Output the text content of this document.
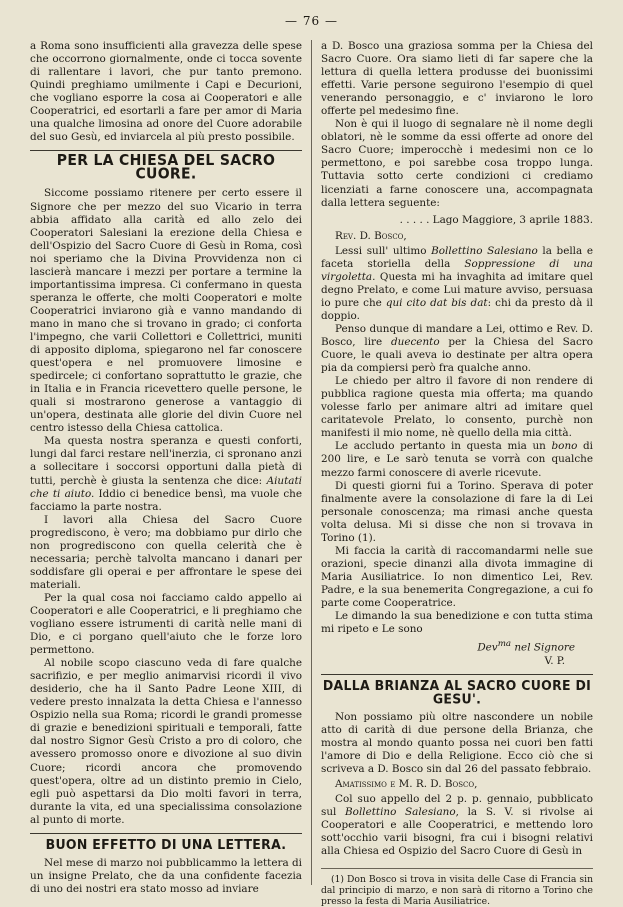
— 76 —

a Roma sono insufficienti alla gravezza delle spese che occorrono giornalmente, onde ci tocca sovente di rallentare i lavori, che pur tanto premono. Quindi preghiamo umilmente i Capi e Decurioni, che vogliano esporre la cosa ai Cooperatori e alle Cooperatrici, ed esortarli a fare per amor di Maria una qualche limosina ad onore del Cuore adorabile del suo Gesù, ed inviarcela al più presto possibile.

PER LA CHIESA DEL SACRO CUORE.

Siccome possiamo ritenere per certo essere il Signore che per mezzo del suo Vicario in terra abbia affidato alla carità ed allo zelo dei Cooperatori Salesiani la erezione della Chiesa e dell'Ospizio del Sacro Cuore di Gesù in Roma, così noi speriamo che la Divina Provvidenza non ci lascierà mancare i mezzi per portare a termine la importantissima impresa. Ci confermano in questa speranza le offerte, che molti Cooperatori e molte Cooperatrici inviarono già e vanno mandando di mano in mano che si trovano in grado; ci conforta l'impegno, che varii Collettori e Collettrici, muniti di apposito diploma, spiegarono nel far conoscere quest'opera e nel promuovere limosine e spedircele; ci confortano soprattutto le grazie, che in Italia e in Francia ricevettero quelle persone, le quali si mostrarono generose a vantaggio di un'opera, destinata alle glorie del divin Cuore nel centro istesso della Chiesa cattolica.

Ma questa nostra speranza e questi conforti, lungi dal farci restare nell'inerzia, ci spronano anzi a sollecitare i soccorsi opportuni dalla pietà di tutti, perchè è giusta la sentenza che dice: Aiutati che ti aiuto. Iddio ci benedice bensì, ma vuole che facciamo la parte nostra.

I lavori alla Chiesa del Sacro Cuore progrediscono, è vero; ma dobbiamo pur dirlo che non progrediscono con quella celerità che è necessaria; perchè talvolta mancano i danari per soddisfare gli operai e per affrontare le spese dei materiali.

Per la qual cosa noi facciamo caldo appello ai Cooperatori e alle Cooperatrici, e li preghiamo che vogliano essere istrumenti di carità nelle mani di Dio, e ci porgano quell'aiuto che le forze loro permettono.

Al nobile scopo ciascuno veda di fare qualche sacrifizio, e per meglio animarvisi ricordi il vivo desiderio, che ha il Santo Padre Leone XIII, di vedere presto innalzata la detta Chiesa e l'annesso Ospizio nella sua Roma; ricordi le grandi promesse di grazie e benedizioni spirituali e temporali, fatte dal nostro Signor Gesù Cristo a pro di coloro, che avessero promosso onore e divozione al suo divin Cuore; ricordi ancora che promovendo quest'opera, oltre ad un distinto premio in Cielo, egli può aspettarsi da Dio molti favori in terra, durante la vita, ed una specialissima consolazione al punto di morte.

BUON EFFETTO DI UNA LETTERA.

Nel mese di marzo noi pubblicammo la lettera di un insigne Prelato, che da una confidente facezia di uno dei nostri era stato mosso ad inviare

a D. Bosco una graziosa somma per la Chiesa del Sacro Cuore. Ora siamo lieti di far sapere che la lettura di quella lettera produsse dei buonissimi effetti. Varie persone seguirono l'esempio di quel venerando personaggio, e c' inviarono le loro offerte pel medesimo fine.

Non è qui il luogo di segnalare nè il nome degli oblatori, nè le somme da essi offerte ad onore del Sacro Cuore; imperocchè i medesimi non ce lo permettono, e poi sarebbe cosa troppo lunga. Tuttavia sotto certe condizioni ci crediamo licenziati a farne conoscere una, accompagnata dalla lettera seguente:

. . . . . Lago Maggiore, 3 aprile 1883.
Rev. D. Bosco,

Lessi sull' ultimo Bollettino Salesiano la bella e faceta storiella della Soppressione di una virgoletta. Questa mi ha invaghita ad imitare quel degno Prelato, e come Lui mature avviso, persuasa io pure che qui cito dat bis dat: chi da presto dà il doppio.

Penso dunque di mandare a Lei, ottimo e Rev. D. Bosco, lire duecento per la Chiesa del Sacro Cuore, le quali aveva io destinate per altra opera pia da compiersi però fra qualche anno.

Le chiedo per altro il favore di non rendere di pubblica ragione questa mia offerta; ma quando volesse farlo per animare altri ad imitare quel caritatevole Prelato, lo consento, purchè non manifesti il mio nome, nè quello della mia città.

Le accludo pertanto in questa mia un bono di 200 lire, e Le sarò tenuta se vorrà con qualche mezzo farmi conoscere di averle ricevute.

Di questi giorni fui a Torino. Sperava di poter finalmente avere la consolazione di fare la di Lei personale conoscenza; ma rimasi anche questa volta delusa. Mi si disse che non si trovava in Torino (1).

Mi faccia la carità di raccomandarmi nelle sue orazioni, specie dinanzi alla divota immagine di Maria Ausiliatrice. Io non dimentico Lei, Rev. Padre, e la sua benemerita Congregazione, a cui fo parte come Cooperatrice.

Le dimando la sua benedizione e con tutta stima mi ripeto e Le sono

Dev$^{ma}$ nel Signore
V. P.
DALLA BRIANZA AL SACRO CUORE DI GESU'.

Non possiamo più oltre nascondere un nobile atto di carità di due persone della Brianza, che mostra al mondo quanto possa nei cuori ben fatti l'amore di Dio e della Religione. Ecco ciò che si scriveva a D. Bosco sin dal 26 del passato febbraio.

Amatissimo e M. R. D. Bosco,

Col suo appello del 2 p. p. gennaio, pubblicato sul Bollettino Salesiano, la S. V. si rivolse ai Cooperatori e alle Cooperatrici, e mettendo loro sott'occhio varii bisogni, fra cui i bisogni relativi alla Chiesa ed Ospizio del Sacro Cuore di Gesù in

(1) Don Bosco si trova in visita delle Case di Francia sin dal principio di marzo, e non sarà di ritorno a Torino che presso la festa di Maria Ausiliatrice.
